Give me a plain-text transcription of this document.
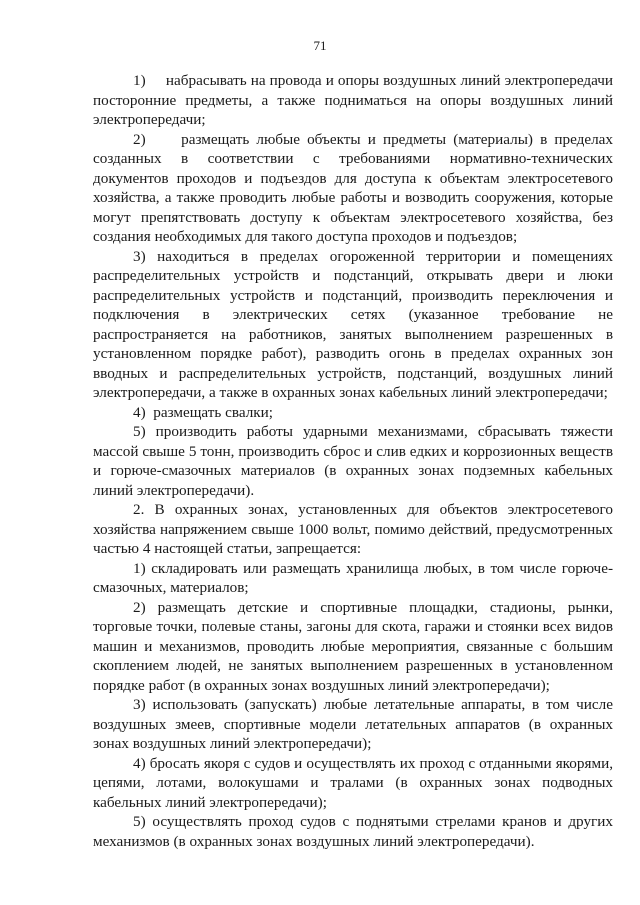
71

1)     набрасывать на провода и опоры воздушных линий электропередачи посторонние предметы, а также подниматься на опоры воздушных линий электропередачи;

2)     размещать любые объекты и предметы (материалы) в пределах созданных в соответствии с требованиями нормативно-технических документов проходов и подъездов для доступа к объектам электросетевого хозяйства, а также проводить любые работы и возводить сооружения, которые могут препятствовать доступу к объектам электросетевого хозяйства, без создания необходимых для такого доступа проходов и подъездов;

3) находиться в пределах огороженной территории и помещениях распределительных устройств и подстанций, открывать двери и люки распределительных устройств и подстанций, производить переключения и подключения в электрических сетях (указанное требование не распространяется на работников, занятых выполнением разрешенных в установленном порядке работ), разводить огонь в пределах охранных зон вводных и распределительных устройств, подстанций, воздушных линий электропередачи, а также в охранных зонах кабельных линий электропередачи;

4)  размещать свалки;

5) производить работы ударными механизмами, сбрасывать тяжести массой свыше 5 тонн, производить сброс и слив едких и коррозионных веществ и горюче-смазочных материалов (в охранных зонах подземных кабельных линий электропередачи).

2. В охранных зонах, установленных для объектов электросетевого хозяйства напряжением свыше 1000 вольт, помимо действий, предусмотренных частью 4 настоящей статьи, запрещается:

1) складировать или размещать хранилища любых, в том числе горюче-смазочных, материалов;

2) размещать детские и спортивные площадки, стадионы, рынки, торговые точки, полевые станы, загоны для скота, гаражи и стоянки всех видов машин и механизмов, проводить любые мероприятия, связанные с большим скоплением людей, не занятых выполнением разрешенных в установленном порядке работ (в охранных зонах воздушных линий электропередачи);

3) использовать (запускать) любые летательные аппараты, в том числе воздушных змеев, спортивные модели летательных аппаратов (в охранных зонах воздушных линий электропередачи);

4) бросать якоря с судов и осуществлять их проход с отданными якорями, цепями, лотами, волокушами и тралами (в охранных зонах подводных кабельных линий электропередачи);

5) осуществлять проход судов с поднятыми стрелами кранов и других механизмов (в охранных зонах воздушных линий электропередачи).
